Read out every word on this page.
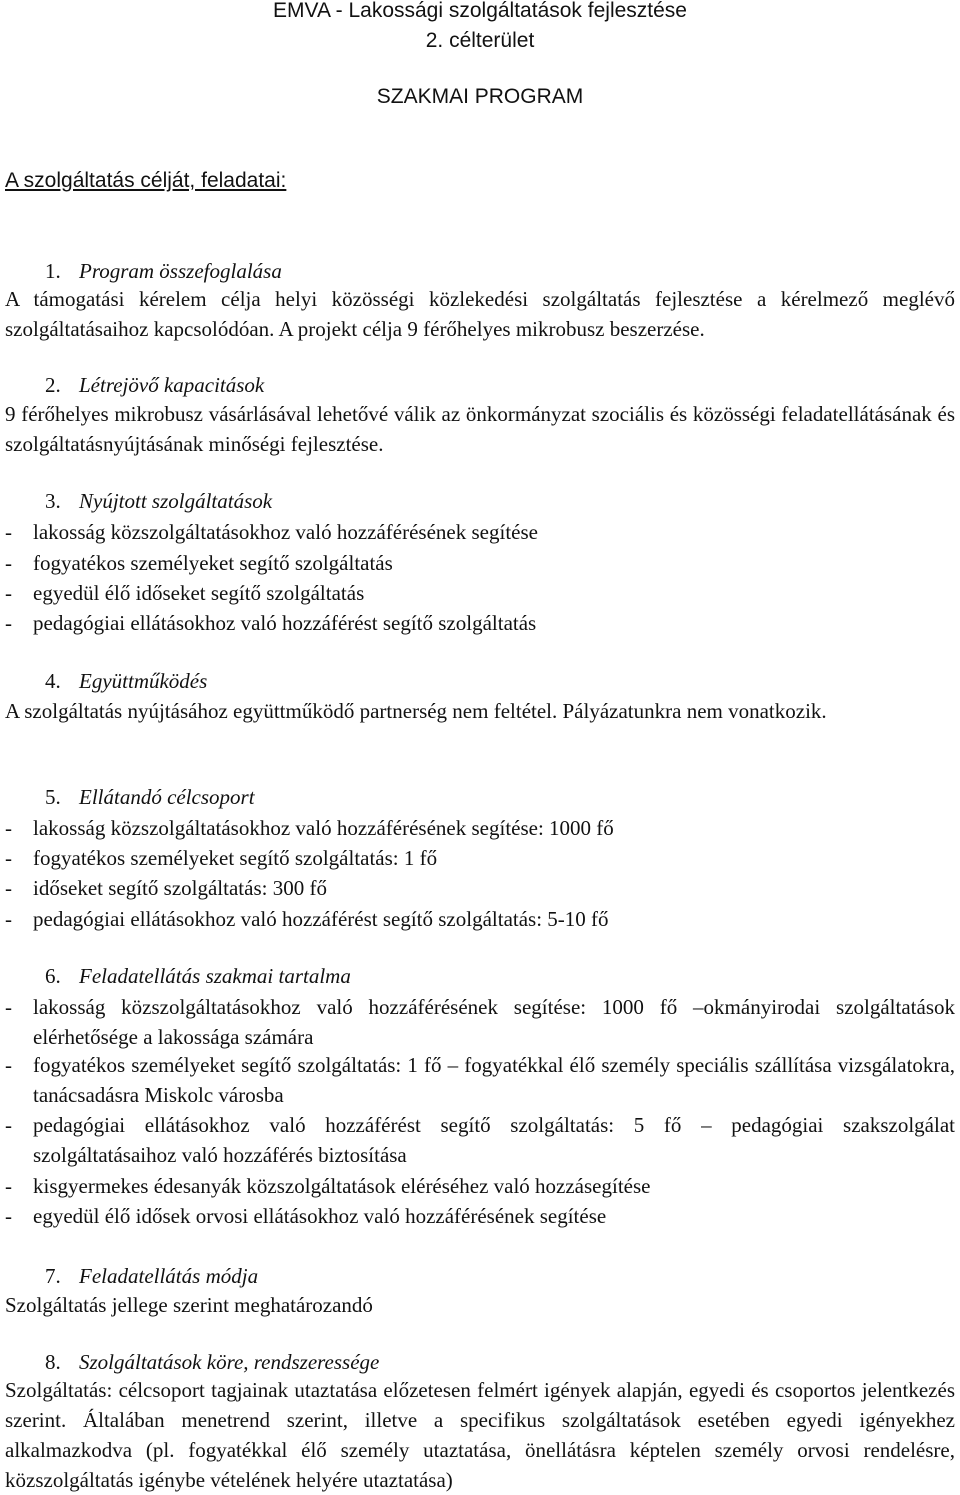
EMVA - Lakossági szolgáltatások fejlesztése
2. célterület
SZAKMAI PROGRAM
A szolgáltatás célját, feladatai:
1. Program összefoglalása
A támogatási kérelem célja helyi közösségi közlekedési szolgáltatás fejlesztése a kérelmező meglévő szolgáltatásaihoz kapcsolódóan. A projekt célja 9 férőhelyes mikrobusz beszerzése.
2. Létrejövő kapacitások
9 férőhelyes mikrobusz vásárlásával lehetővé válik az önkormányzat szociális és közösségi feladatellátásának és szolgáltatásnyújtásának minőségi fejlesztése.
3. Nyújtott szolgáltatások
- lakosság közszolgáltatásokhoz való hozzáférésének segítése
- fogyatékos személyeket segítő szolgáltatás
- egyedül élő időseket segítő szolgáltatás
- pedagógiai ellátásokhoz való hozzáférést segítő szolgáltatás
4. Együttműködés
A szolgáltatás nyújtásához együttműködő partnerség nem feltétel. Pályázatunkra nem vonatkozik.
5. Ellátandó célcsoport
- lakosság közszolgáltatásokhoz való hozzáférésének segítése: 1000 fő
- fogyatékos személyeket segítő szolgáltatás: 1 fő
- időseket segítő szolgáltatás: 300 fő
- pedagógiai ellátásokhoz való hozzáférést segítő szolgáltatás: 5-10 fő
6. Feladatellátás szakmai tartalma
- lakosság közszolgáltatásokhoz való hozzáférésének segítése: 1000 fő –okmányirodai szolgáltatások elérhetősége a lakossága számára
- fogyatékos személyeket segítő szolgáltatás: 1 fő – fogyatékkal élő személy speciális szállítása vizsgálatokra, tanácsadásra Miskolc városba
- pedagógiai ellátásokhoz való hozzáférést segítő szolgáltatás: 5 fő – pedagógiai szakszolgálat szolgáltatásaihoz való hozzáférés biztosítása
- kisgyermekes édesanyák közszolgáltatások eléréséhez való hozzásegítése
- egyedül élő idősek orvosi ellátásokhoz való hozzáférésének segítése
7. Feladatellátás módja
Szolgáltatás jellege szerint meghatározandó
8. Szolgáltatások köre, rendszeressége
Szolgáltatás: célcsoport tagjainak utaztatása előzetesen felmért igények alapján, egyedi és csoportos jelentkezés szerint. Általában menetrend szerint, illetve a specifikus szolgáltatások esetében egyedi igényekhez alkalmazkodva (pl. fogyatékkal élő személy utaztatása, önellátásra képtelen személy orvosi rendelésre, közszolgáltatás igénybe vételének helyére utaztatása)
